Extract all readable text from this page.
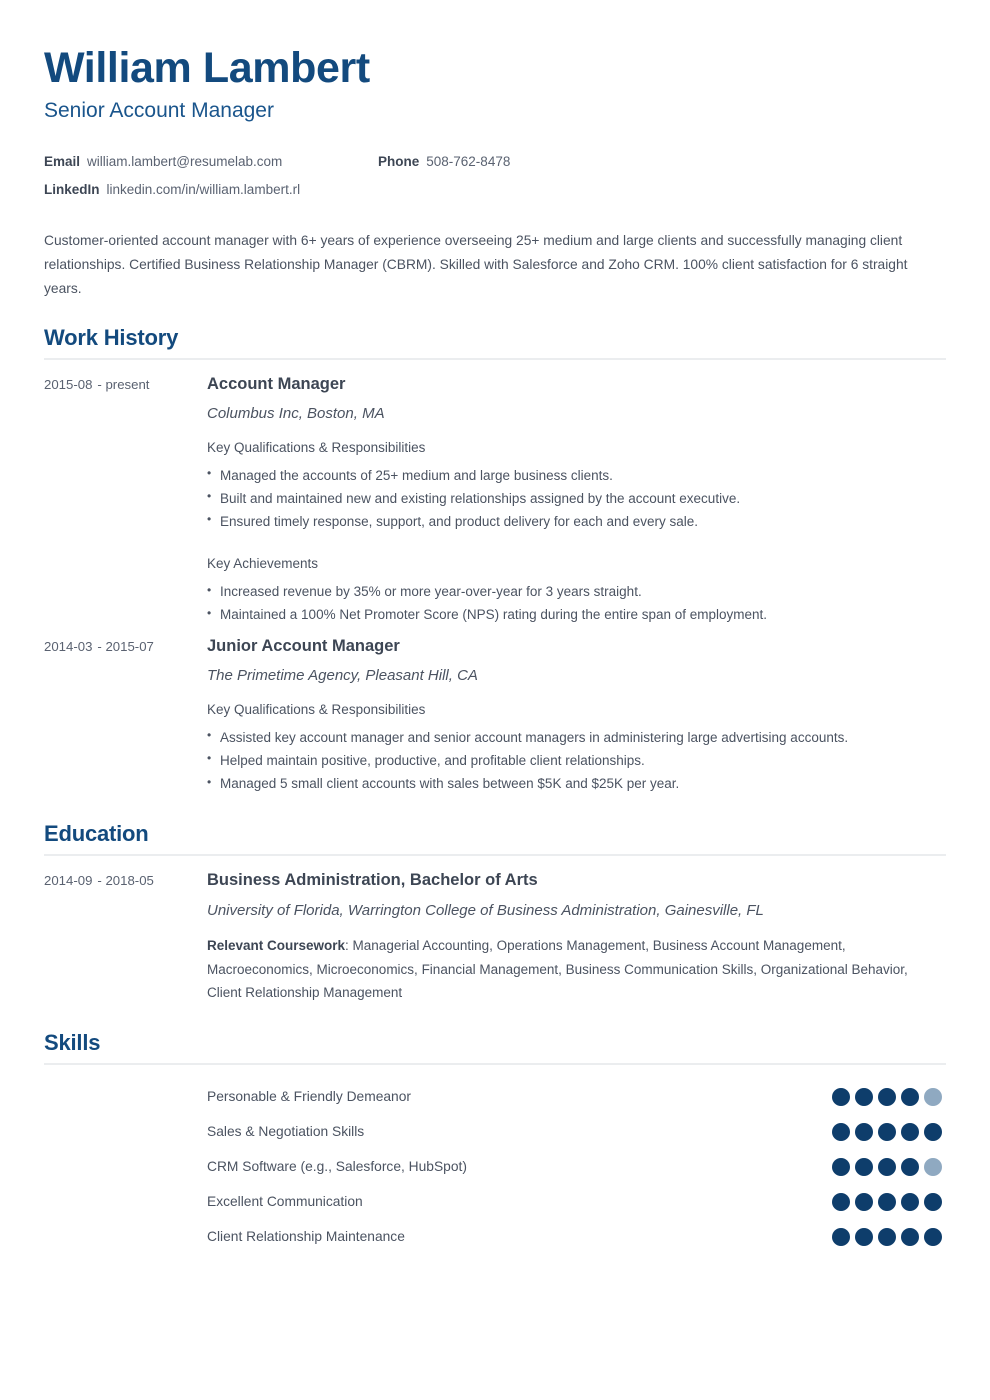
William Lambert
Senior Account Manager
Email william.lambert@resumelab.com	Phone 508-762-8478
LinkedIn linkedin.com/in/william.lambert.rl

Customer-oriented account manager with 6+ years of experience overseeing 25+ medium and large clients and successfully managing client relationships. Certified Business Relationship Manager (CBRM). Skilled with Salesforce and Zoho CRM. 100% client satisfaction for 6 straight years.

Work History
2015-08 - present	Account Manager
Columbus Inc, Boston, MA
Key Qualifications & Responsibilities
• Managed the accounts of 25+ medium and large business clients.
• Built and maintained new and existing relationships assigned by the account executive.
• Ensured timely response, support, and product delivery for each and every sale.
Key Achievements
• Increased revenue by 35% or more year-over-year for 3 years straight.
• Maintained a 100% Net Promoter Score (NPS) rating during the entire span of employment.
2014-03 - 2015-07	Junior Account Manager
The Primetime Agency, Pleasant Hill, CA
Key Qualifications & Responsibilities
• Assisted key account manager and senior account managers in administering large advertising accounts.
• Helped maintain positive, productive, and profitable client relationships.
• Managed 5 small client accounts with sales between $5K and $25K per year.
Education
2014-09 - 2018-05	Business Administration, Bachelor of Arts
University of Florida, Warrington College of Business Administration, Gainesville, FL

Relevant Coursework: Managerial Accounting, Operations Management, Business Account Management, Macroeconomics, Microeconomics, Financial Management, Business Communication Skills, Organizational Behavior, Client Relationship Management

Skills
Personable & Friendly Demeanor
Sales & Negotiation Skills
CRM Software (e.g., Salesforce, HubSpot)
Excellent Communication
Client Relationship Maintenance
